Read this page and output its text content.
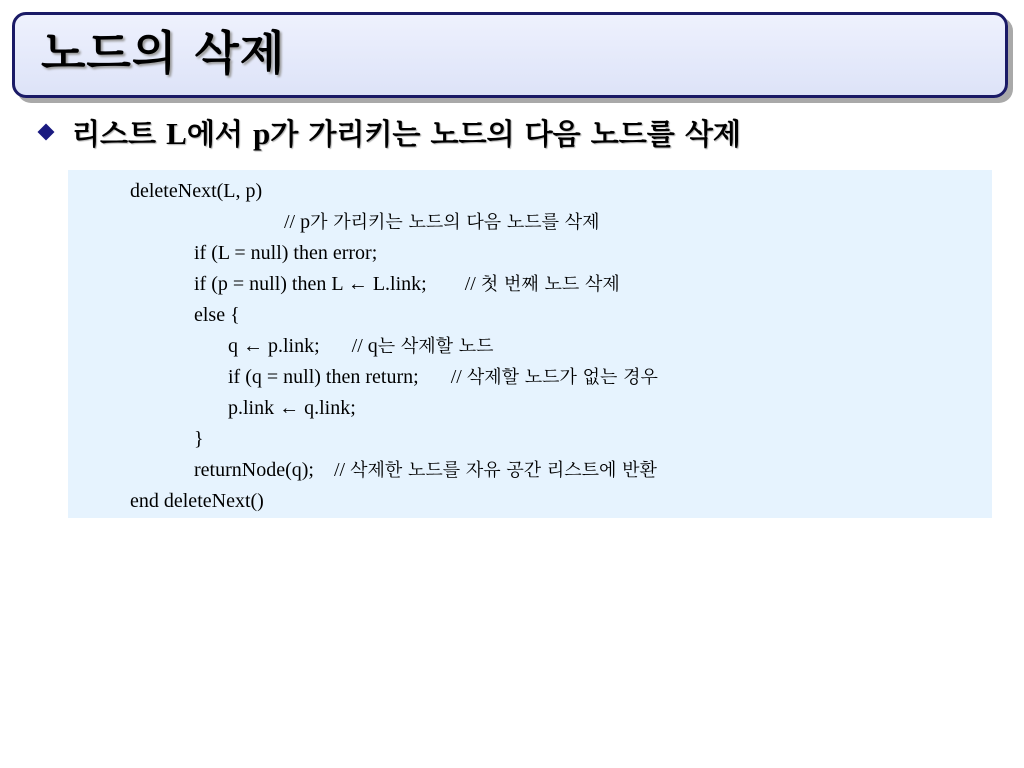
노드의 삭제
리스트 L에서 p가 가리키는 노드의 다음 노드를 삭제
deleteNext(L, p)
// p가 가리키는 노드의 다음 노드를 삭제
if (L = null) then error;
if (p = null) then L ← L.link; // 첫 번째 노드 삭제
else {
q ← p.link; // q는 삭제할 노드
if (q = null) then return; // 삭제할 노드가 없는 경우
p.link ← q.link;
}
returnNode(q); // 삭제한 노드를 자유 공간 리스트에 반환
end deleteNext()
